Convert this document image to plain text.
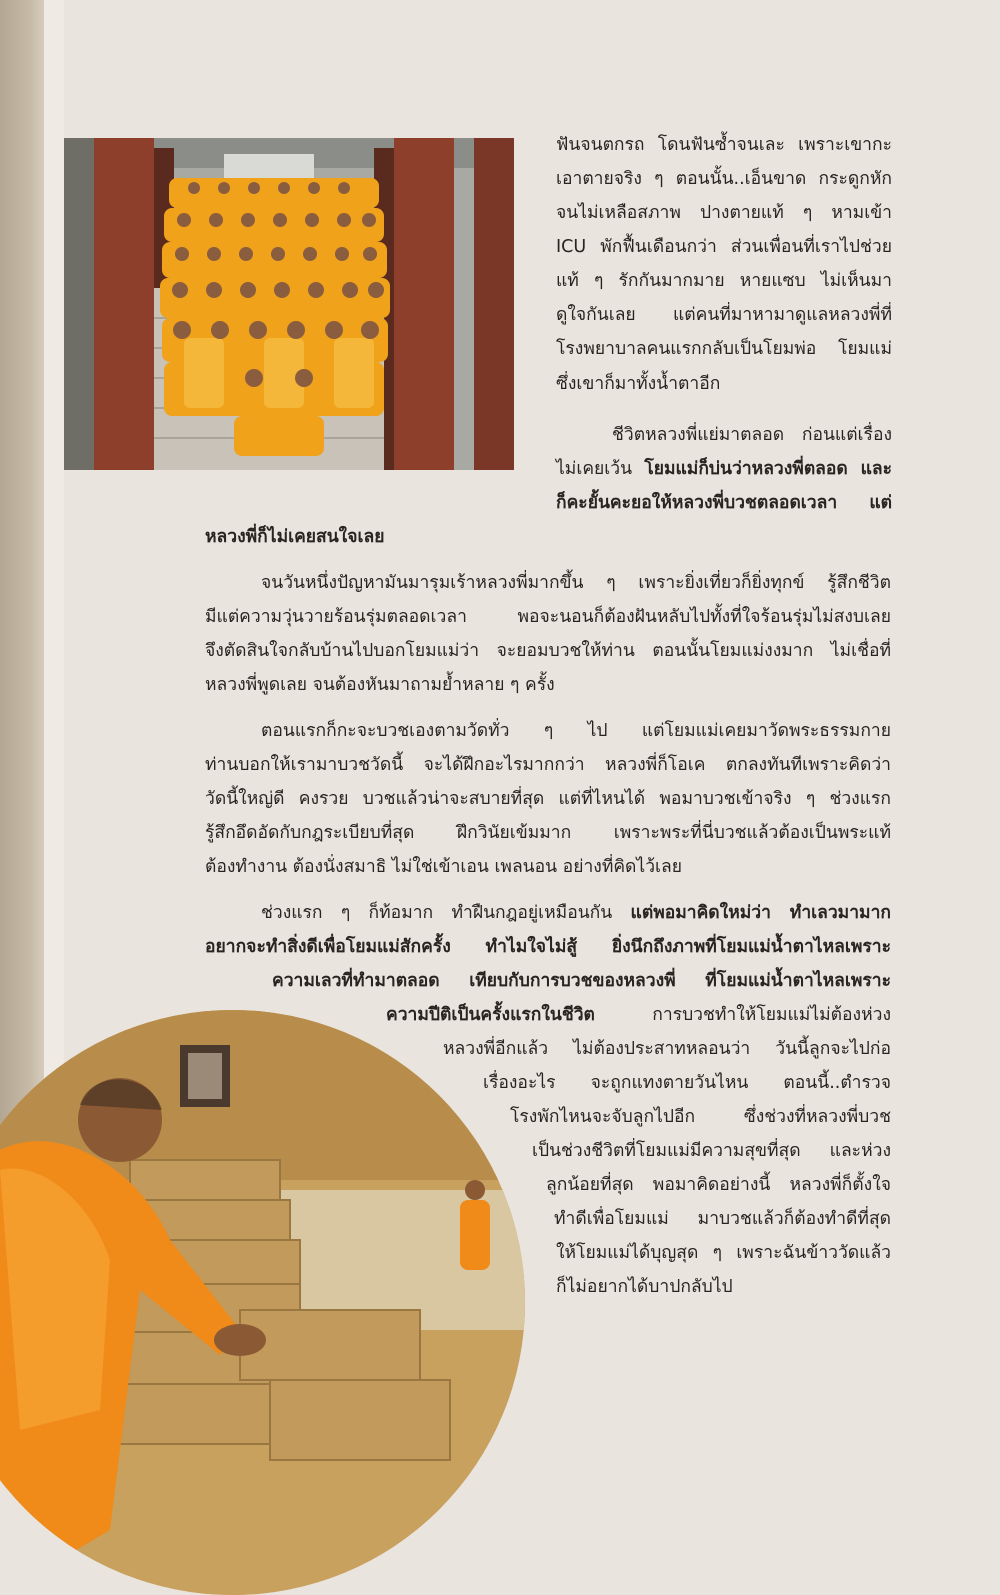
ฟันจนตกรถ โดนฟันซ้ำจนเละ เพราะเขากะ

เอาตายจริง ๆ ตอนนั้น..เอ็นขาด กระดูกหัก

จนไม่เหลือสภาพ ปางตายแท้ ๆ หามเข้า

ICU พักฟื้นเดือนกว่า ส่วนเพื่อนที่เราไปช่วย

แท้ ๆ รักกันมากมาย หายแซบ ไม่เห็นมา

ดูใจกันเลย แต่คนที่มาหามาดูแลหลวงพี่ที่

โรงพยาบาลคนแรกกลับเป็นโยมพ่อ โยมแม่

ซึ่งเขาก็มาทั้งน้ำตาอีก

ชีวิตหลวงพี่แย่มาตลอด ก่อนแต่เรื่อง

ไม่เคยเว้น โยมแม่ก็บ่นว่าหลวงพี่ตลอด และ

ก็คะยั้นคะยอให้หลวงพี่บวชตลอดเวลา แต่

หลวงพี่ก็ไม่เคยสนใจเลย

จนวันหนึ่งปัญหามันมารุมเร้าหลวงพี่มากขึ้น ๆ เพราะยิ่งเที่ยวก็ยิ่งทุกข์ รู้สึกชีวิต

มีแต่ความวุ่นวายร้อนรุ่มตลอดเวลา พอจะนอนก็ต้องฝันหลับไปทั้งที่ใจร้อนรุ่มไม่สงบเลย

จึงตัดสินใจกลับบ้านไปบอกโยมแม่ว่า จะยอมบวชให้ท่าน ตอนนั้นโยมแม่งงมาก ไม่เชื่อที่

หลวงพี่พูดเลย จนต้องหันมาถามย้ำหลาย ๆ ครั้ง

ตอนแรกก็กะจะบวชเองตามวัดทั่ว ๆ ไป แต่โยมแม่เคยมาวัดพระธรรมกาย

ท่านบอกให้เรามาบวชวัดนี้ จะได้ฝึกอะไรมากกว่า หลวงพี่ก็โอเค ตกลงทันทีเพราะคิดว่า

วัดนี้ใหญ่ดี คงรวย บวชแล้วน่าจะสบายที่สุด แต่ที่ไหนได้ พอมาบวชเข้าจริง ๆ ช่วงแรก

รู้สึกอึดอัดกับกฎระเบียบที่สุด ฝึกวินัยเข้มมาก เพราะพระที่นี่บวชแล้วต้องเป็นพระแท้

ต้องทำงาน ต้องนั่งสมาธิ ไม่ใช่เข้าเอน เพลนอน อย่างที่คิดไว้เลย

ช่วงแรก ๆ ก็ท้อมาก ทำฝืนกฎอยู่เหมือนกัน แต่พอมาคิดใหม่ว่า ทำเลวมามาก

อยากจะทำสิ่งดีเพื่อโยมแม่สักครั้ง ทำไมใจไม่สู้ ยิ่งนึกถึงภาพที่โยมแม่น้ำตาไหลเพราะ

ความเลวที่ทำมาตลอด เทียบกับการบวชของหลวงพี่ ที่โยมแม่น้ำตาไหลเพราะ

ความปีติเป็นครั้งแรกในชีวิต การบวชทำให้โยมแม่ไม่ต้องห่วง

หลวงพี่อีกแล้ว ไม่ต้องประสาทหลอนว่า วันนี้ลูกจะไปก่อ

เรื่องอะไร จะถูกแทงตายวันไหน ตอนนี้..ตำรวจ

โรงพักไหนจะจับลูกไปอีก ซึ่งช่วงที่หลวงพี่บวช

เป็นช่วงชีวิตที่โยมแม่มีความสุขที่สุด และห่วง

ลูกน้อยที่สุด พอมาคิดอย่างนี้ หลวงพี่ก็ตั้งใจ

ทำดีเพื่อโยมแม่ มาบวชแล้วก็ต้องทำดีที่สุด

ให้โยมแม่ได้บุญสุด ๆ เพราะฉันข้าววัดแล้ว

ก็ไม่อยากได้บาปกลับไป
